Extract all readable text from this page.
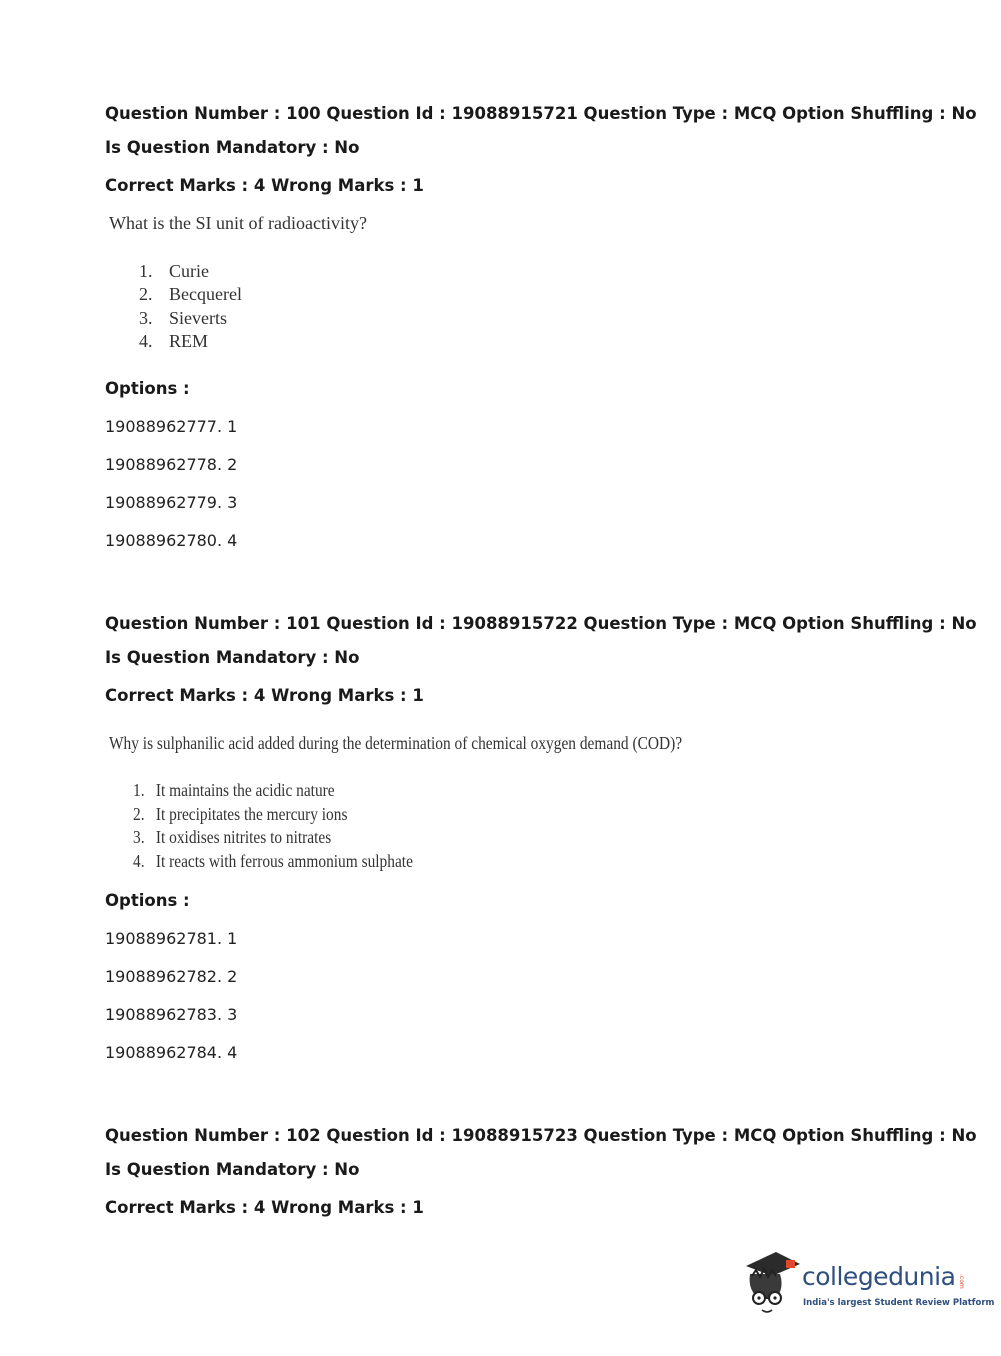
Question Number : 100 Question Id : 19088915721 Question Type : MCQ Option Shuffling : No
Is Question Mandatory : No
Correct Marks : 4 Wrong Marks : 1
What is the SI unit of radioactivity?
1. Curie
2. Becquerel
3. Sieverts
4. REM
Options :
19088962777. 1
19088962778. 2
19088962779. 3
19088962780. 4
Question Number : 101 Question Id : 19088915722 Question Type : MCQ Option Shuffling : No
Is Question Mandatory : No
Correct Marks : 4 Wrong Marks : 1
Why is sulphanilic acid added during the determination of chemical oxygen demand (COD)?
1. It maintains the acidic nature
2. It precipitates the mercury ions
3. It oxidises nitrites to nitrates
4. It reacts with ferrous ammonium sulphate
Options :
19088962781. 1
19088962782. 2
19088962783. 3
19088962784. 4
Question Number : 102 Question Id : 19088915723 Question Type : MCQ Option Shuffling : No
Is Question Mandatory : No
Correct Marks : 4 Wrong Marks : 1
collegedunia .com
India's largest Student Review Platform
